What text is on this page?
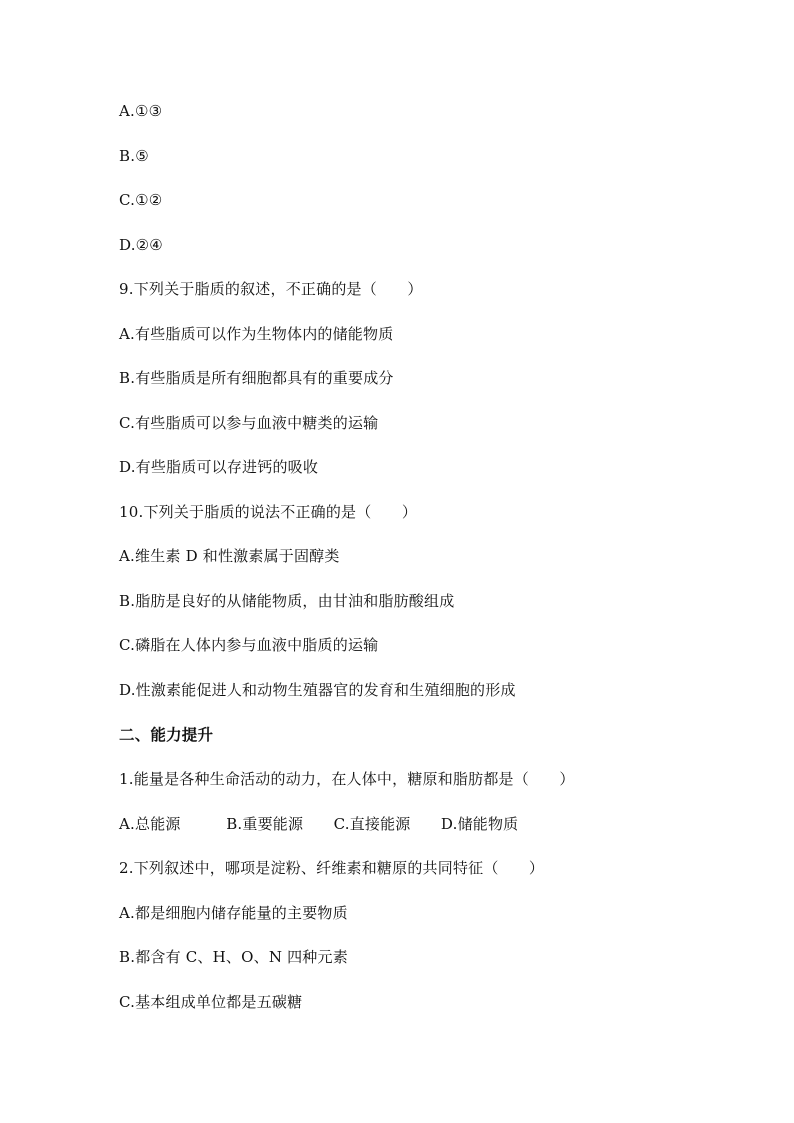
A.①③
B.⑤
C.①②
D.②④
9.下列关于脂质的叙述，不正确的是（　　）
A.有些脂质可以作为生物体内的储能物质
B.有些脂质是所有细胞都具有的重要成分
C.有些脂质可以参与血液中糖类的运输
D.有些脂质可以存进钙的吸收
10.下列关于脂质的说法不正确的是（　　）
A.维生素 D 和性激素属于固醇类
B.脂肪是良好的从储能物质，由甘油和脂肪酸组成
C.磷脂在人体内参与血液中脂质的运输
D.性激素能促进人和动物生殖器官的发育和生殖细胞的形成
二、能力提升
1.能量是各种生命活动的动力，在人体中，糖原和脂肪都是（　　）
A.总能源　　　B.重要能源　　C.直接能源　　D.储能物质
2.下列叙述中，哪项是淀粉、纤维素和糖原的共同特征（　　）
A.都是细胞内储存能量的主要物质
B.都含有 C、H、O、N 四种元素
C.基本组成单位都是五碳糖
